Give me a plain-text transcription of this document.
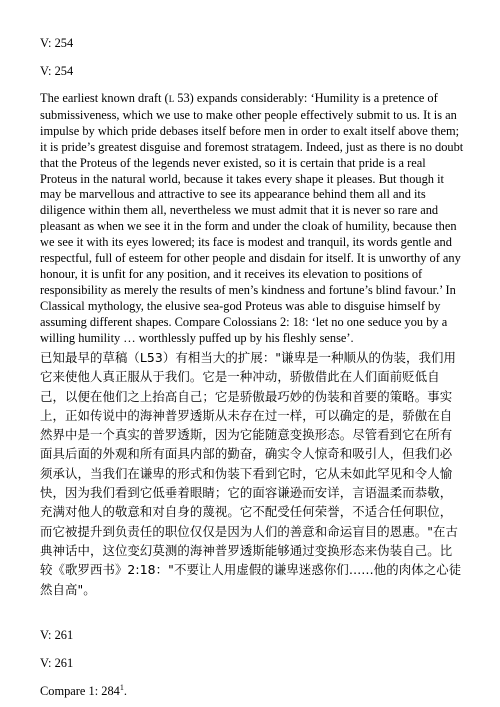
V: 254

V: 254

The earliest known draft (L 53) expands considerably: ‘Humility is a pretence of submissiveness, which we use to make other people effectively submit to us. It is an impulse by which pride debases itself before men in order to exalt itself above them; it is pride’s greatest disguise and foremost stratagem. Indeed, just as there is no doubt that the Proteus of the legends never existed, so it is certain that pride is a real Proteus in the natural world, because it takes every shape it pleases. But though it may be marvellous and attractive to see its appearance behind them all and its diligence within them all, nevertheless we must admit that it is never so rare and pleasant as when we see it in the form and under the cloak of humility, because then we see it with its eyes lowered; its face is modest and tranquil, its words gentle and respectful, full of esteem for other people and disdain for itself. It is unworthy of any honour, it is unfit for any position, and it receives its elevation to positions of responsibility as merely the results of men’s kindness and fortune’s blind favour.’ In Classical mythology, the elusive sea-god Proteus was able to disguise himself by assuming different shapes. Compare Colossians 2: 18: ‘let no one seduce you by a willing humility … worthlessly puffed up by his fleshly sense’.

已知最早的草稿（L53）有相当大的扩展："谦卑是一种顺从的伪装，我们用它来使他人真正服从于我们。它是一种冲动，骄傲借此在人们面前贬低自己，以便在他们之上抬高自己；它是骄傲最巧妙的伪装和首要的策略。事实上，正如传说中的海神普罗透斯从未存在过一样，可以确定的是，骄傲在自然界中是一个真实的普罗透斯，因为它能随意变换形态。尽管看到它在所有面具后面的外观和所有面具内部的勤奋，确实令人惊奇和吸引人，但我们必须承认，当我们在谦卑的形式和伪装下看到它时，它从未如此罕见和令人愉快，因为我们看到它低垂着眼睛；它的面容谦逊而安详，言语温柔而恭敬，充满对他人的敬意和对自身的蔑视。它不配受任何荣誉，不适合任何职位，而它被提升到负责任的职位仅仅是因为人们的善意和命运盲目的恩惠。"在古典神话中，这位变幻莫测的海神普罗透斯能够通过变换形态来伪装自己。比较《歌罗西书》2:18："不要让人用虚假的谦卑迷惑你们……他的肉体之心徒然自高"。

V: 261

V: 261

Compare 1: $284^1$.
